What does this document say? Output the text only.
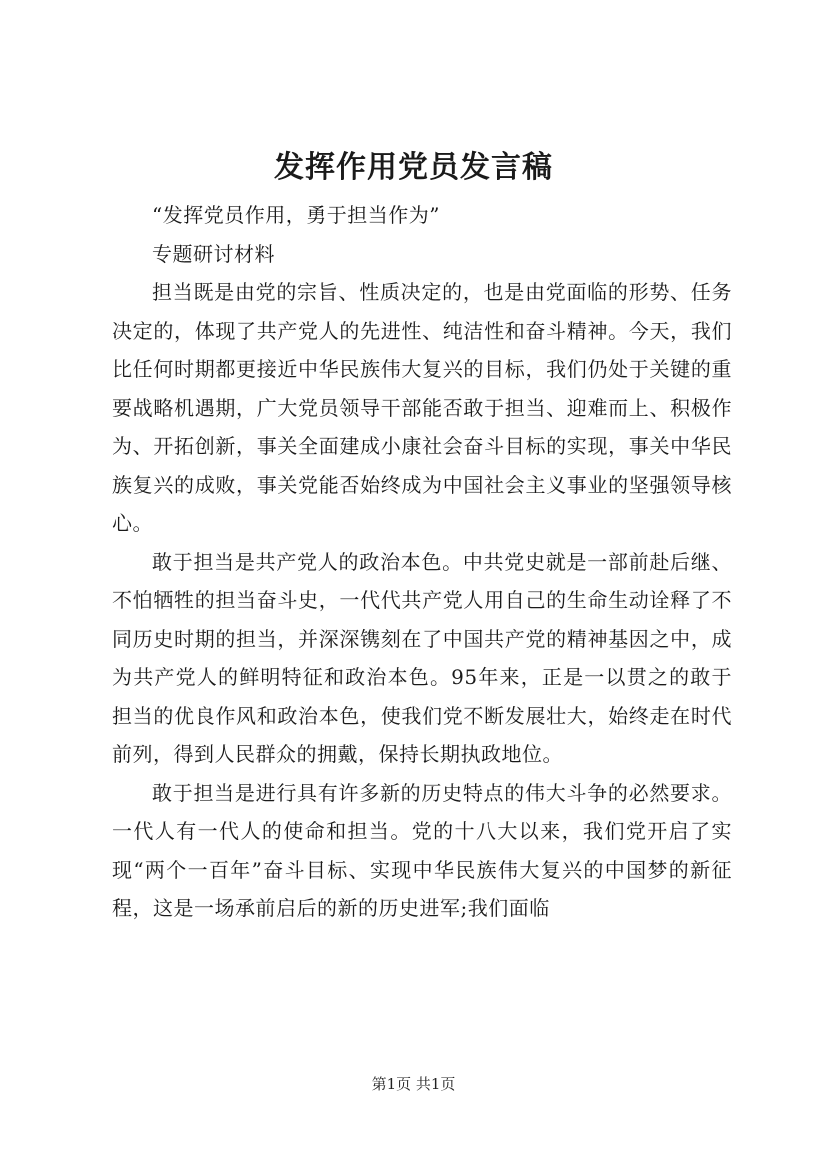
发挥作用党员发言稿

“发挥党员作用，勇于担当作为”

专题研讨材料

担当既是由党的宗旨、性质决定的，也是由党面临的形势、任务决定的，体现了共产党人的先进性、纯洁性和奋斗精神。今天，我们比任何时期都更接近中华民族伟大复兴的目标，我们仍处于关键的重要战略机遇期，广大党员领导干部能否敢于担当、迎难而上、积极作为、开拓创新，事关全面建成小康社会奋斗目标的实现，事关中华民族复兴的成败，事关党能否始终成为中国社会主义事业的坚强领导核心。

敢于担当是共产党人的政治本色。中共党史就是一部前赴后继、不怕牺牲的担当奋斗史，一代代共产党人用自己的生命生动诠释了不同历史时期的担当，并深深镌刻在了中国共产党的精神基因之中，成为共产党人的鲜明特征和政治本色。95年来，正是一以贯之的敢于担当的优良作风和政治本色，使我们党不断发展壮大，始终走在时代前列，得到人民群众的拥戴，保持长期执政地位。

敢于担当是进行具有许多新的历史特点的伟大斗争的必然要求。一代人有一代人的使命和担当。党的十八大以来，我们党开启了实现“两个一百年”奋斗目标、实现中华民族伟大复兴的中国梦的新征程，这是一场承前启后的新的历史进军;我们面临

第1页 共1页
